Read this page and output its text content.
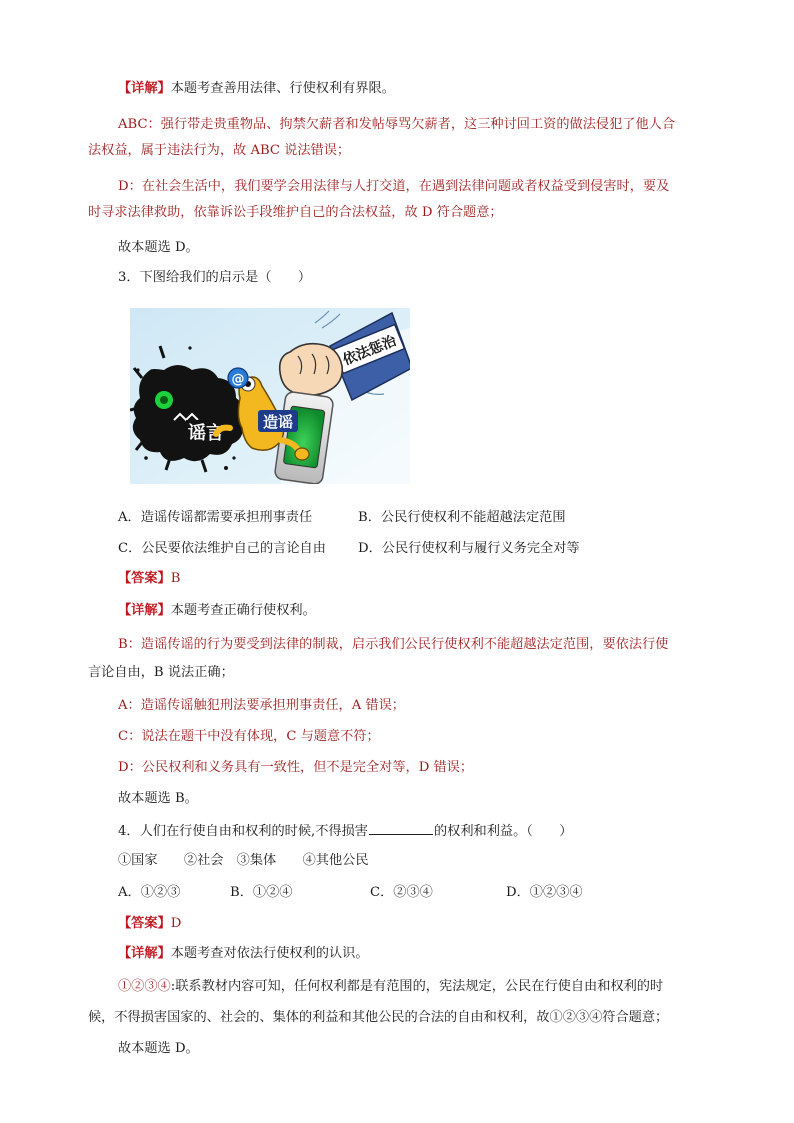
【详解】本题考查善用法律、行使权利有界限。
ABC：强行带走贵重物品、拘禁欠薪者和发帖辱骂欠薪者，这三种讨回工资的做法侵犯了他人合
法权益，属于违法行为，故 ABC 说法错误；
D：在社会生活中，我们要学会用法律与人打交道，在遇到法律问题或者权益受到侵害时，要及
时寻求法律救助，依靠诉讼手段维护自己的合法权益，故 D 符合题意；
故本题选 D。
3．下图给我们的启示是（　　）
依法惩治
谣言
@
造谣
A．造谣传谣都需要承担刑事责任	B．公民行使权利不能超越法定范围
C．公民要依法维护自己的言论自由 D．公民行使权利与履行义务完全对等
【答案】B
【详解】本题考查正确行使权利。
B：造谣传谣的行为要受到法律的制裁，启示我们公民行使权利不能超越法定范围，要依法行使
言论自由，B 说法正确；
A：造谣传谣触犯刑法要承担刑事责任，A 错误；
C：说法在题干中没有体现，C 与题意不符；
D：公民权利和义务具有一致性，但不是完全对等，D 错误；
故本题选 B。
4．人们在行使自由和权利的时候,不得损害	的权利和利益。（　　）
①国家　　②社会　③集体　　④其他公民
A．①②③	B．①②④	C．②③④	D．①②③④
【答案】D
【详解】本题考查对依法行使权利的认识。
①②③④:联系教材内容可知，任何权利都是有范围的，宪法规定，公民在行使自由和权利的时
候，不得损害国家的、社会的、集体的利益和其他公民的合法的自由和权利，故①②③④符合题意；
故本题选 D。
